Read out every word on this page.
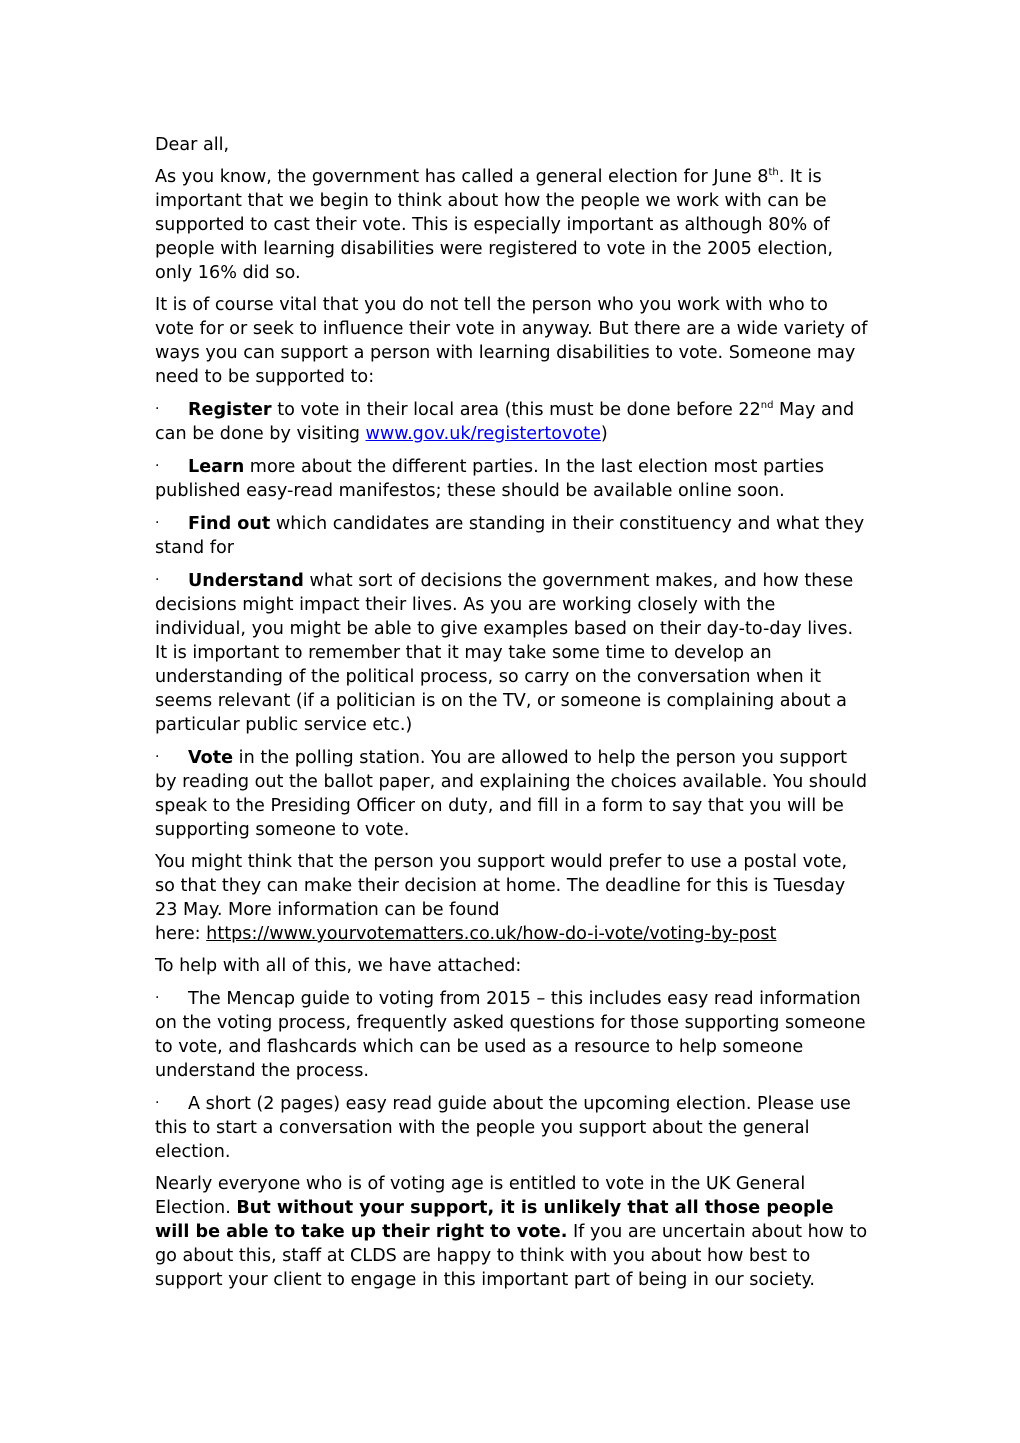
Dear all,

As you know, the government has called a general election for June 8th. It is important that we begin to think about how the people we work with can be supported to cast their vote. This is especially important as although 80% of people with learning disabilities were registered to vote in the 2005 election, only 16% did so.

It is of course vital that you do not tell the person who you work with who to vote for or seek to influence their vote in anyway. But there are a wide variety of ways you can support a person with learning disabilities to vote. Someone may need to be supported to:

· Register to vote in their local area (this must be done before 22nd May and can be done by visiting www.gov.uk/registertovote)
· Learn more about the different parties. In the last election most parties published easy-read manifestos; these should be available online soon.
· Find out which candidates are standing in their constituency and what they stand for
· Understand what sort of decisions the government makes, and how these decisions might impact their lives. As you are working closely with the individual, you might be able to give examples based on their day-to-day lives. It is important to remember that it may take some time to develop an understanding of the political process, so carry on the conversation when it seems relevant (if a politician is on the TV, or someone is complaining about a particular public service etc.)
· Vote in the polling station. You are allowed to help the person you support by reading out the ballot paper, and explaining the choices available. You should speak to the Presiding Officer on duty, and fill in a form to say that you will be supporting someone to vote.

You might think that the person you support would prefer to use a postal vote, so that they can make their decision at home. The deadline for this is Tuesday 23 May. More information can be found
here: https://www.yourvotematters.co.uk/how-do-i-vote/voting-by-post

To help with all of this, we have attached:

· The Mencap guide to voting from 2015 – this includes easy read information on the voting process, frequently asked questions for those supporting someone to vote, and flashcards which can be used as a resource to help someone understand the process.
· A short (2 pages) easy read guide about the upcoming election. Please use this to start a conversation with the people you support about the general election.

Nearly everyone who is of voting age is entitled to vote in the UK General Election. But without your support, it is unlikely that all those people will be able to take up their right to vote. If you are uncertain about how to go about this, staff at CLDS are happy to think with you about how best to support your client to engage in this important part of being in our society.
